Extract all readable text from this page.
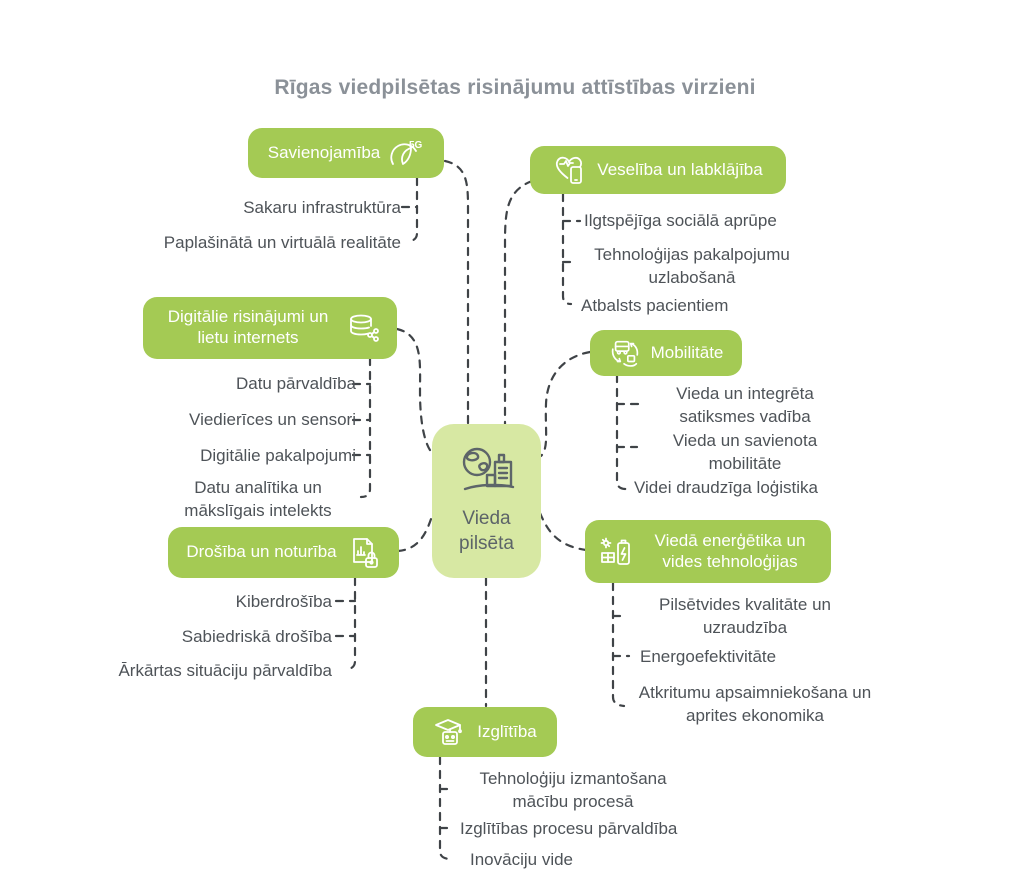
Rīgas viedpilsētas risinājumu attīstības virzieni
Vieda pilsēta
Savienojamība	5G
Sakaru infrastruktūra
Paplašinātā un virtuālā realitāte
Veselība un labklājība
Ilgtspējīga sociālā aprūpe
Tehnoloģijas pakalpojumu uzlabošanā
Atbalsts pacientiem
Digitālie risinājumi un lietu internets
Datu pārvaldība
Viedierīces un sensori
Digitālie pakalpojumi
Datu analītika un mākslīgais intelekts
Mobilitāte
Vieda un integrēta satiksmes vadība
Vieda un savienota mobilitāte
Videi draudzīga loģistika
Drošība un noturība
Kiberdrošība
Sabiedriskā drošība
Ārkārtas situāciju pārvaldība
Viedā enerģētika un vides tehnoloģijas
Pilsētvides kvalitāte un uzraudzība
Energoefektivitāte
Atkritumu apsaimniekošana un aprites ekonomika
Izglītība
Tehnoloģiju izmantošana mācību procesā
Izglītības procesu pārvaldība
Inovāciju vide
